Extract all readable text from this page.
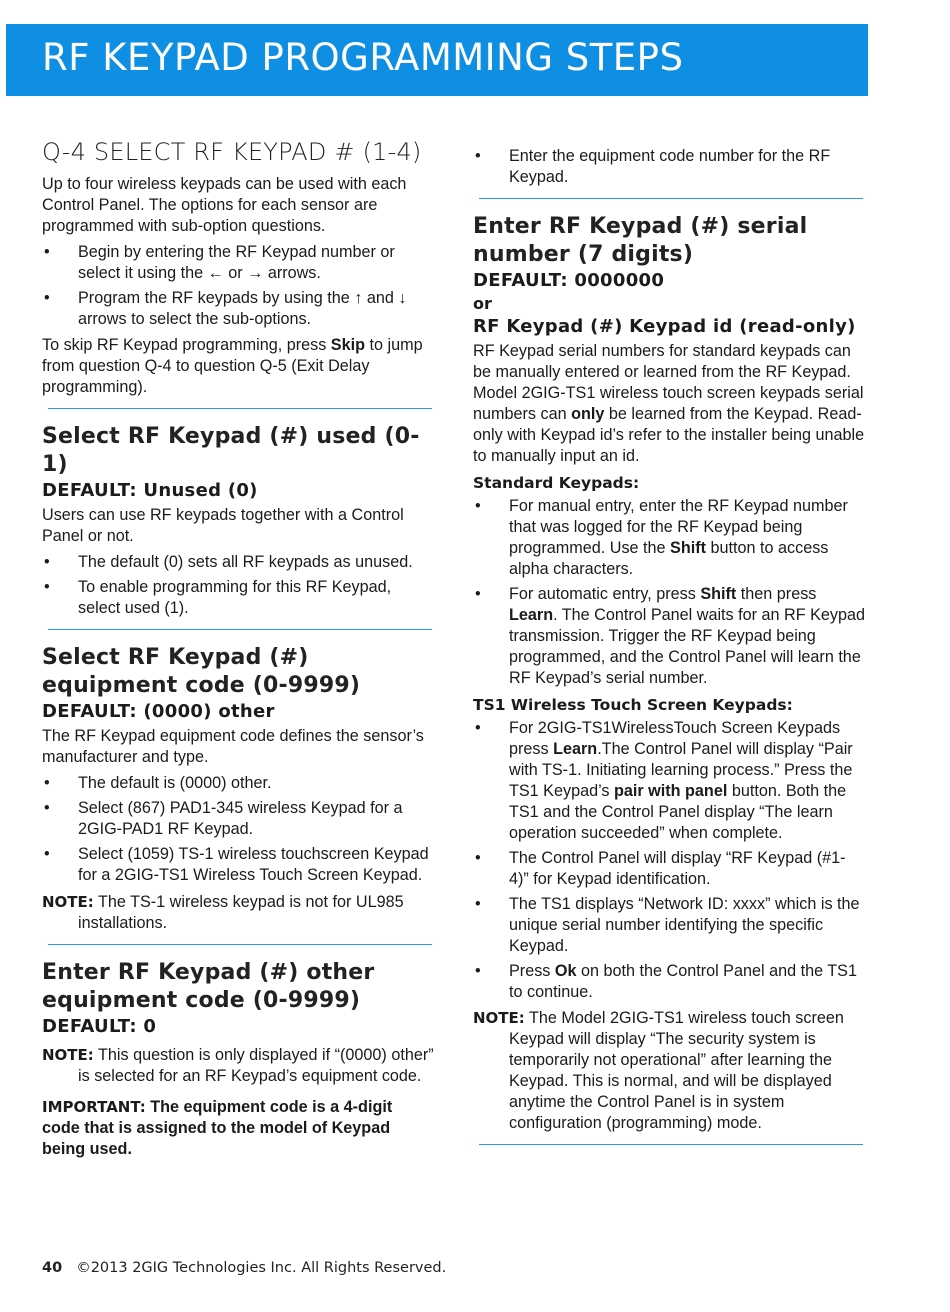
RF KEYPAD PROGRAMMING STEPS
Q-4 SELECT RF KEYPAD # (1-4)

Up to four wireless keypads can be used with each Control Panel. The options for each sensor are programmed with sub-option questions.

• Begin by entering the RF Keypad number or select it using the ← or → arrows.
• Program the RF keypads by using the ↑ and ↓ arrows to select the sub-options.

To skip RF Keypad programming, press Skip to jump from question Q-4 to question Q-5 (Exit Delay programming).

Select RF Keypad (#) used (0-1)
DEFAULT: Unused (0)

Users can use RF keypads together with a Control Panel or not.

• The default (0) sets all RF keypads as unused.
• To enable programming for this RF Keypad, select used (1).
Select RF Keypad (#) equipment code (0-9999)
DEFAULT: (0000) other

The RF Keypad equipment code defines the sensor’s manufacturer and type.

• The default is (0000) other.
• Select (867) PAD1-345 wireless Keypad for a 2GIG-PAD1 RF Keypad.
• Select (1059) TS-1 wireless touchscreen Keypad for a 2GIG-TS1 Wireless Touch Screen Keypad.

NOTE: The TS-1 wireless keypad is not for UL985 installations.

Enter RF Keypad (#) other equipment code (0-9999)
DEFAULT: 0

NOTE: This question is only displayed if “(0000) other” is selected for an RF Keypad’s equipment code.

IMPORTANT: The equipment code is a 4-digit code that is assigned to the model of Keypad being used.

• Enter the equipment code number for the RF Keypad.
Enter RF Keypad (#) serial number (7 digits)
DEFAULT: 0000000
or
RF Keypad (#) Keypad id (read-only)

RF Keypad serial numbers for standard keypads can be manually entered or learned from the RF Keypad. Model 2GIG-TS1 wireless touch screen keypads serial numbers can only be learned from the Keypad. Read-only with Keypad id’s refer to the installer being unable to manually input an id.

Standard Keypads:
• For manual entry, enter the RF Keypad number that was logged for the RF Keypad being programmed. Use the Shift button to access alpha characters.
• For automatic entry, press Shift then press Learn. The Control Panel waits for an RF Keypad transmission. Trigger the RF Keypad being programmed, and the Control Panel will learn the RF Keypad’s serial number.
TS1 Wireless Touch Screen Keypads:
• For 2GIG-TS1WirelessTouch Screen Keypads press Learn.The Control Panel will display “Pair with TS-1. Initiating learning process.” Press the TS1 Keypad’s pair with panel button. Both the TS1 and the Control Panel display “The learn operation succeeded” when complete.
• The Control Panel will display “RF Keypad (#1-4)” for Keypad identification.
• The TS1 displays “Network ID: xxxx” which is the unique serial number identifying the specific Keypad.
• Press Ok on both the Control Panel and the TS1 to continue.

NOTE: The Model 2GIG-TS1 wireless touch screen Keypad will display “The security system is temporarily not operational” after learning the Keypad. This is normal, and will be displayed anytime the Control Panel is in system configuration (programming) mode.

40 ©2013 2GIG Technologies Inc. All Rights Reserved.
